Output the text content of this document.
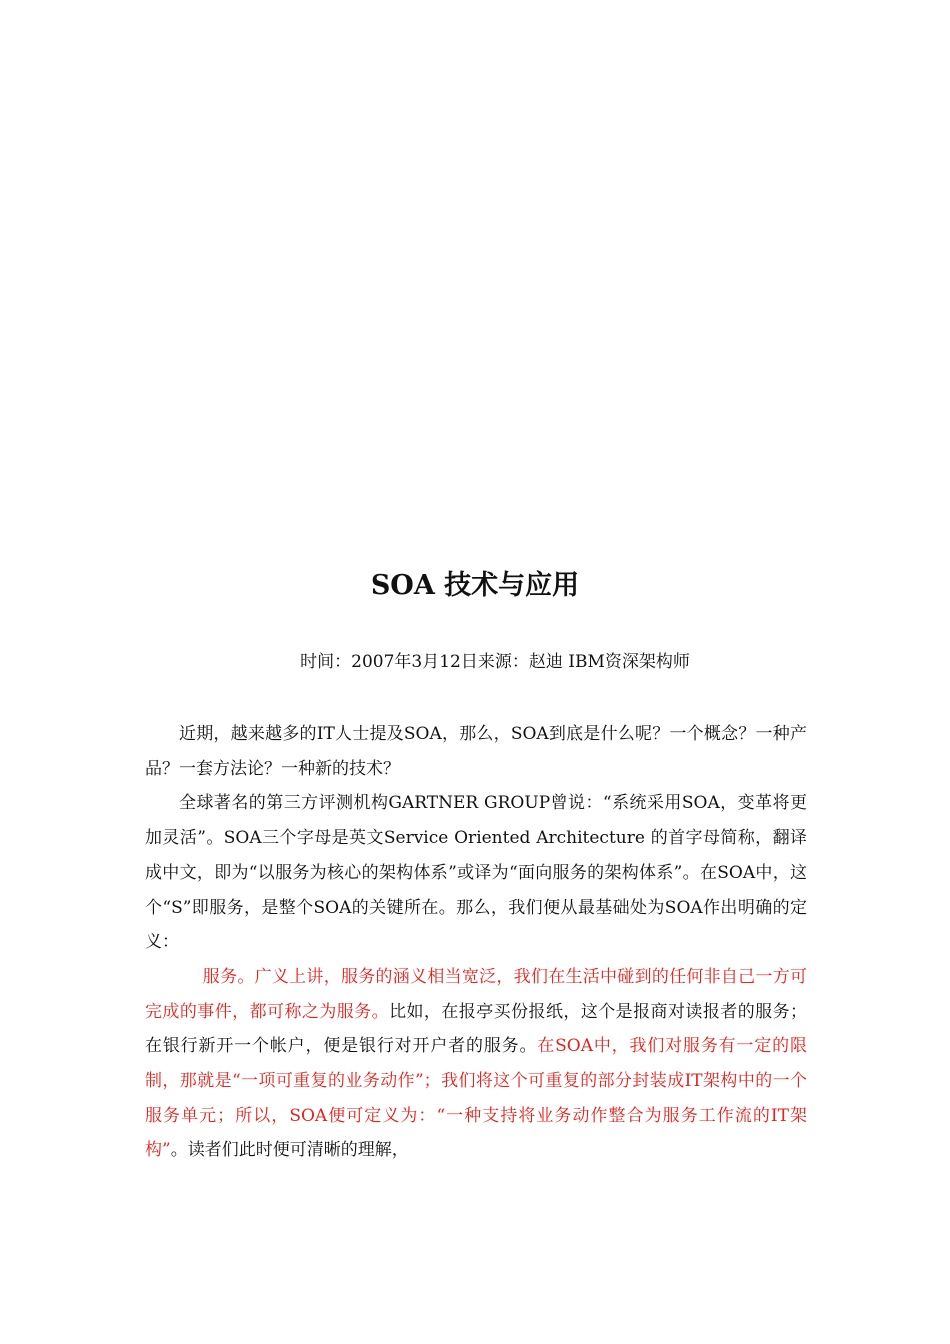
SOA 技术与应用

时间：2007年3月12日来源：赵迪 IBM资深架构师

近期，越来越多的IT人士提及SOA，那么，SOA到底是什么呢？一个概念？一种产品？一套方法论？一种新的技术？

全球著名的第三方评测机构GARTNER GROUP曾说：“系统采用SOA，变革将更加灵活”。SOA三个字母是英文Service Oriented Architecture 的首字母简称，翻译成中文，即为“以服务为核心的架构体系”或译为“面向服务的架构体系”。在SOA中，这个“S”即服务，是整个SOA的关键所在。那么，我们便从最基础处为SOA作出明确的定义：

服务。广义上讲，服务的涵义相当宽泛，我们在生活中碰到的任何非自己一方可完成的事件，都可称之为服务。比如，在报亭买份报纸，这个是报商对读报者的服务；在银行新开一个帐户，便是银行对开户者的服务。在SOA中，我们对服务有一定的限制，那就是“一项可重复的业务动作”；我们将这个可重复的部分封装成IT架构中的一个服务单元；所以，SOA便可定义为：“一种支持将业务动作整合为服务工作流的IT架构”。读者们此时便可清晰的理解，
